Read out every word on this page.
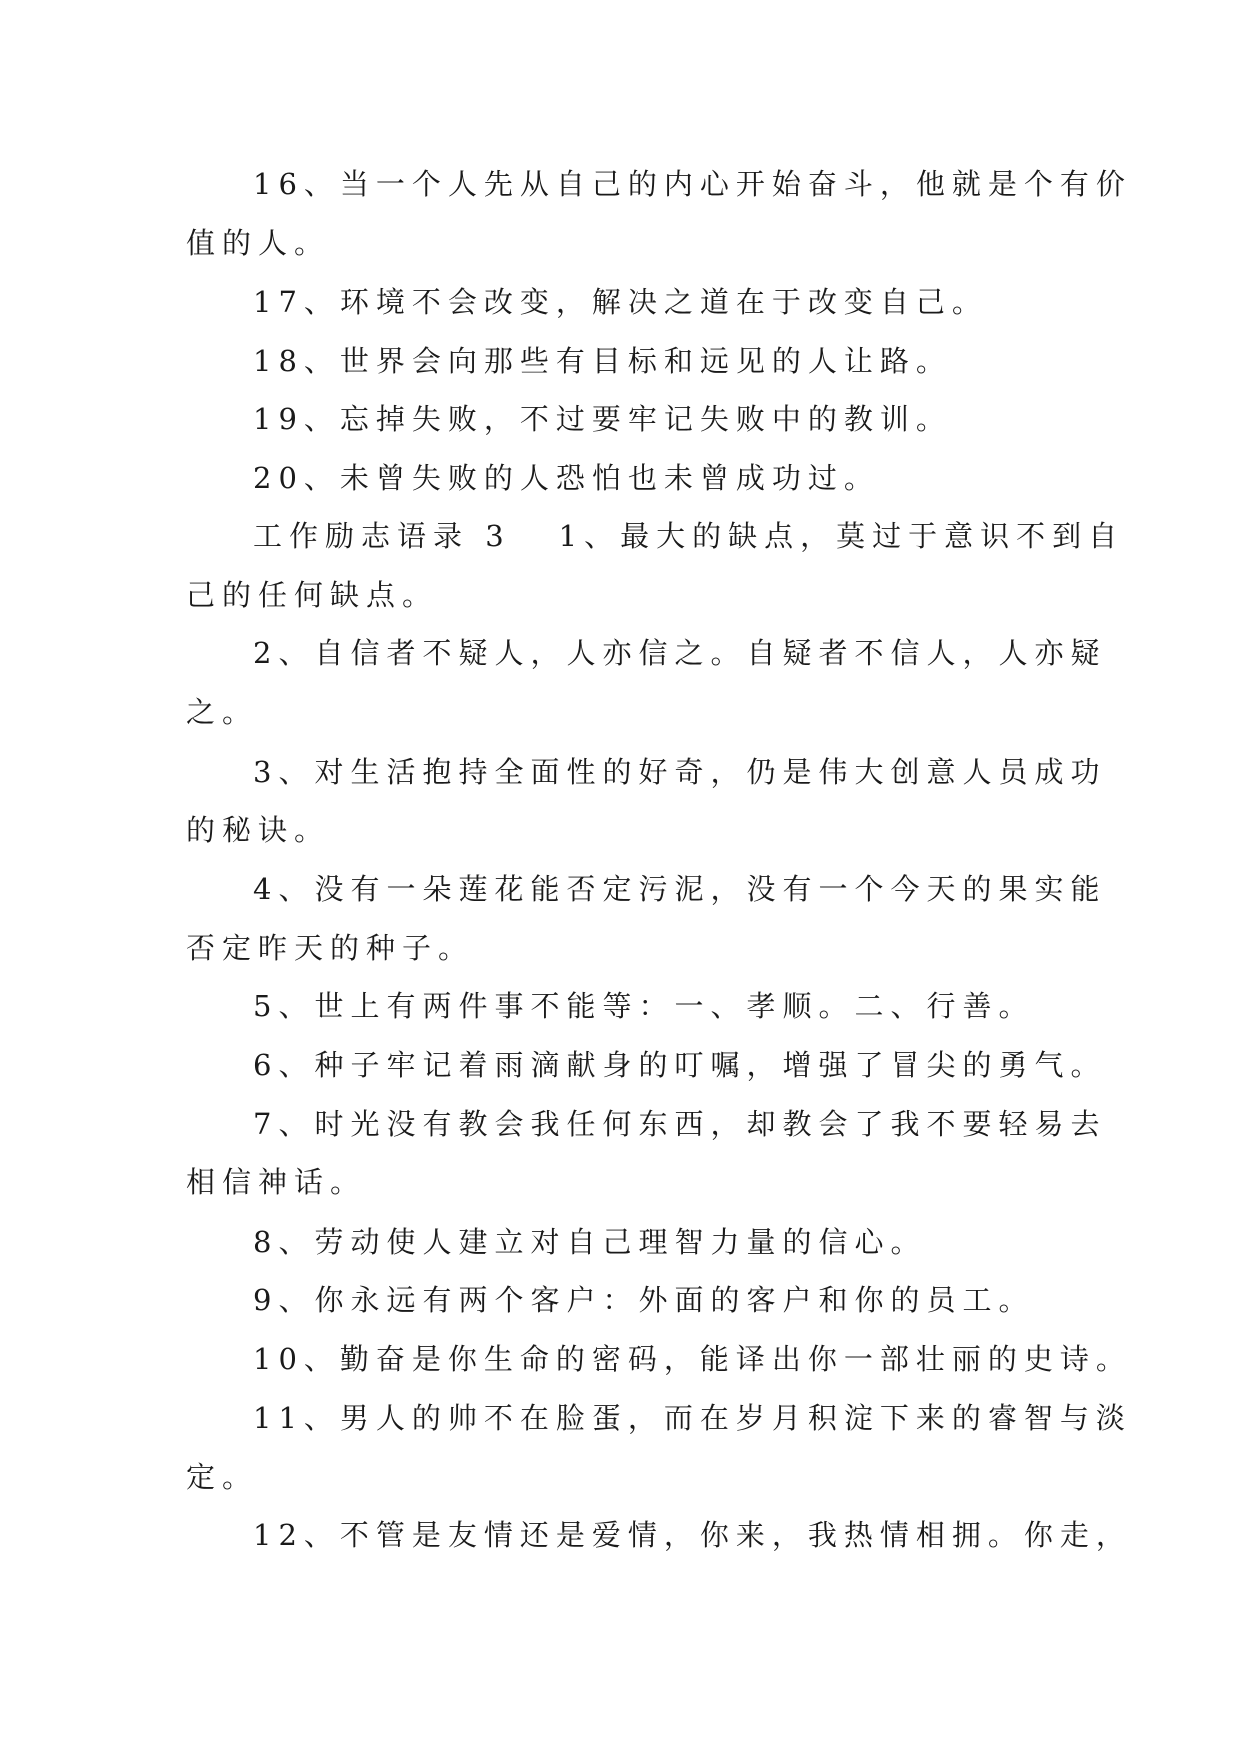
16、当一个人先从自己的内心开始奋斗，他就是个有价
值的人。
17、环境不会改变，解决之道在于改变自己。
18、世界会向那些有目标和远见的人让路。
19、忘掉失败，不过要牢记失败中的教训。
20、未曾失败的人恐怕也未曾成功过。
工作励志语录 3 1、最大的缺点，莫过于意识不到自
己的任何缺点。
2、自信者不疑人，人亦信之。自疑者不信人，人亦疑
之。
3、对生活抱持全面性的好奇，仍是伟大创意人员成功
的秘诀。
4、没有一朵莲花能否定污泥，没有一个今天的果实能
否定昨天的种子。
5、世上有两件事不能等：一、孝顺。二、行善。
6、种子牢记着雨滴献身的叮嘱，增强了冒尖的勇气。
7、时光没有教会我任何东西，却教会了我不要轻易去
相信神话。
8、劳动使人建立对自己理智力量的信心。
9、你永远有两个客户：外面的客户和你的员工。
10、勤奋是你生命的密码，能译出你一部壮丽的史诗。
11、男人的帅不在脸蛋，而在岁月积淀下来的睿智与淡
定。
12、不管是友情还是爱情，你来，我热情相拥。你走，
